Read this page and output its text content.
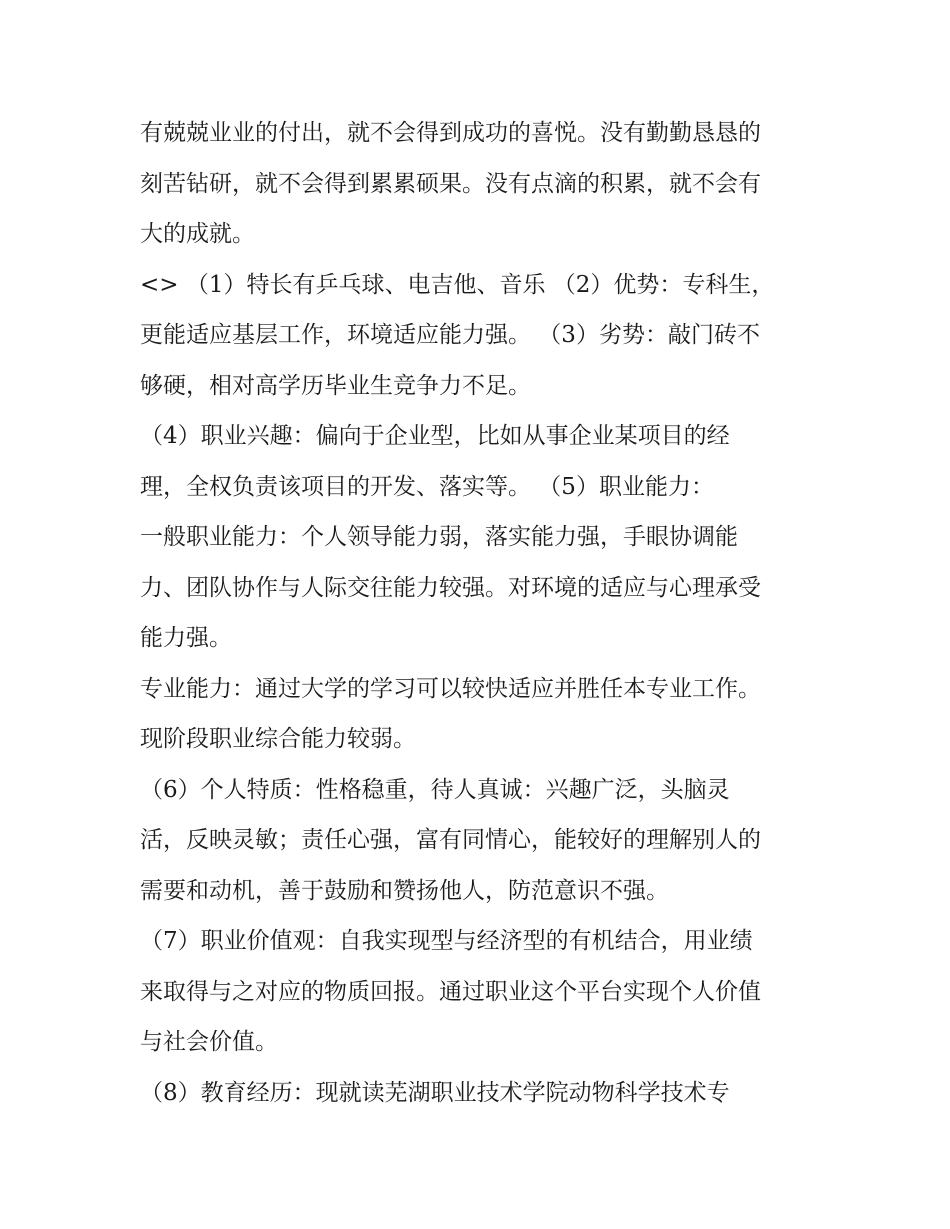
有兢兢业业的付出，就不会得到成功的喜悦。没有勤勤恳恳的
刻苦钻研，就不会得到累累硕果。没有点滴的积累，就不会有
大的成就。
<> （1）特长有乒乓球、电吉他、音乐 （2）优势：专科生，
更能适应基层工作，环境适应能力强。 （3）劣势：敲门砖不
够硬，相对高学历毕业生竞争力不足。
（4）职业兴趣：偏向于企业型，比如从事企业某项目的经
理，全权负责该项目的开发、落实等。 （5）职业能力：
一般职业能力：个人领导能力弱，落实能力强，手眼协调能
力、团队协作与人际交往能力较强。对环境的适应与心理承受
能力强。
专业能力：通过大学的学习可以较快适应并胜任本专业工作。
现阶段职业综合能力较弱。
（6）个人特质：性格稳重，待人真诚：兴趣广泛，头脑灵
活，反映灵敏；责任心强，富有同情心，能较好的理解别人的
需要和动机，善于鼓励和赞扬他人，防范意识不强。
（7）职业价值观：自我实现型与经济型的有机结合，用业绩
来取得与之对应的物质回报。通过职业这个平台实现个人价值
与社会价值。
（8）教育经历：现就读芜湖职业技术学院动物科学技术专
